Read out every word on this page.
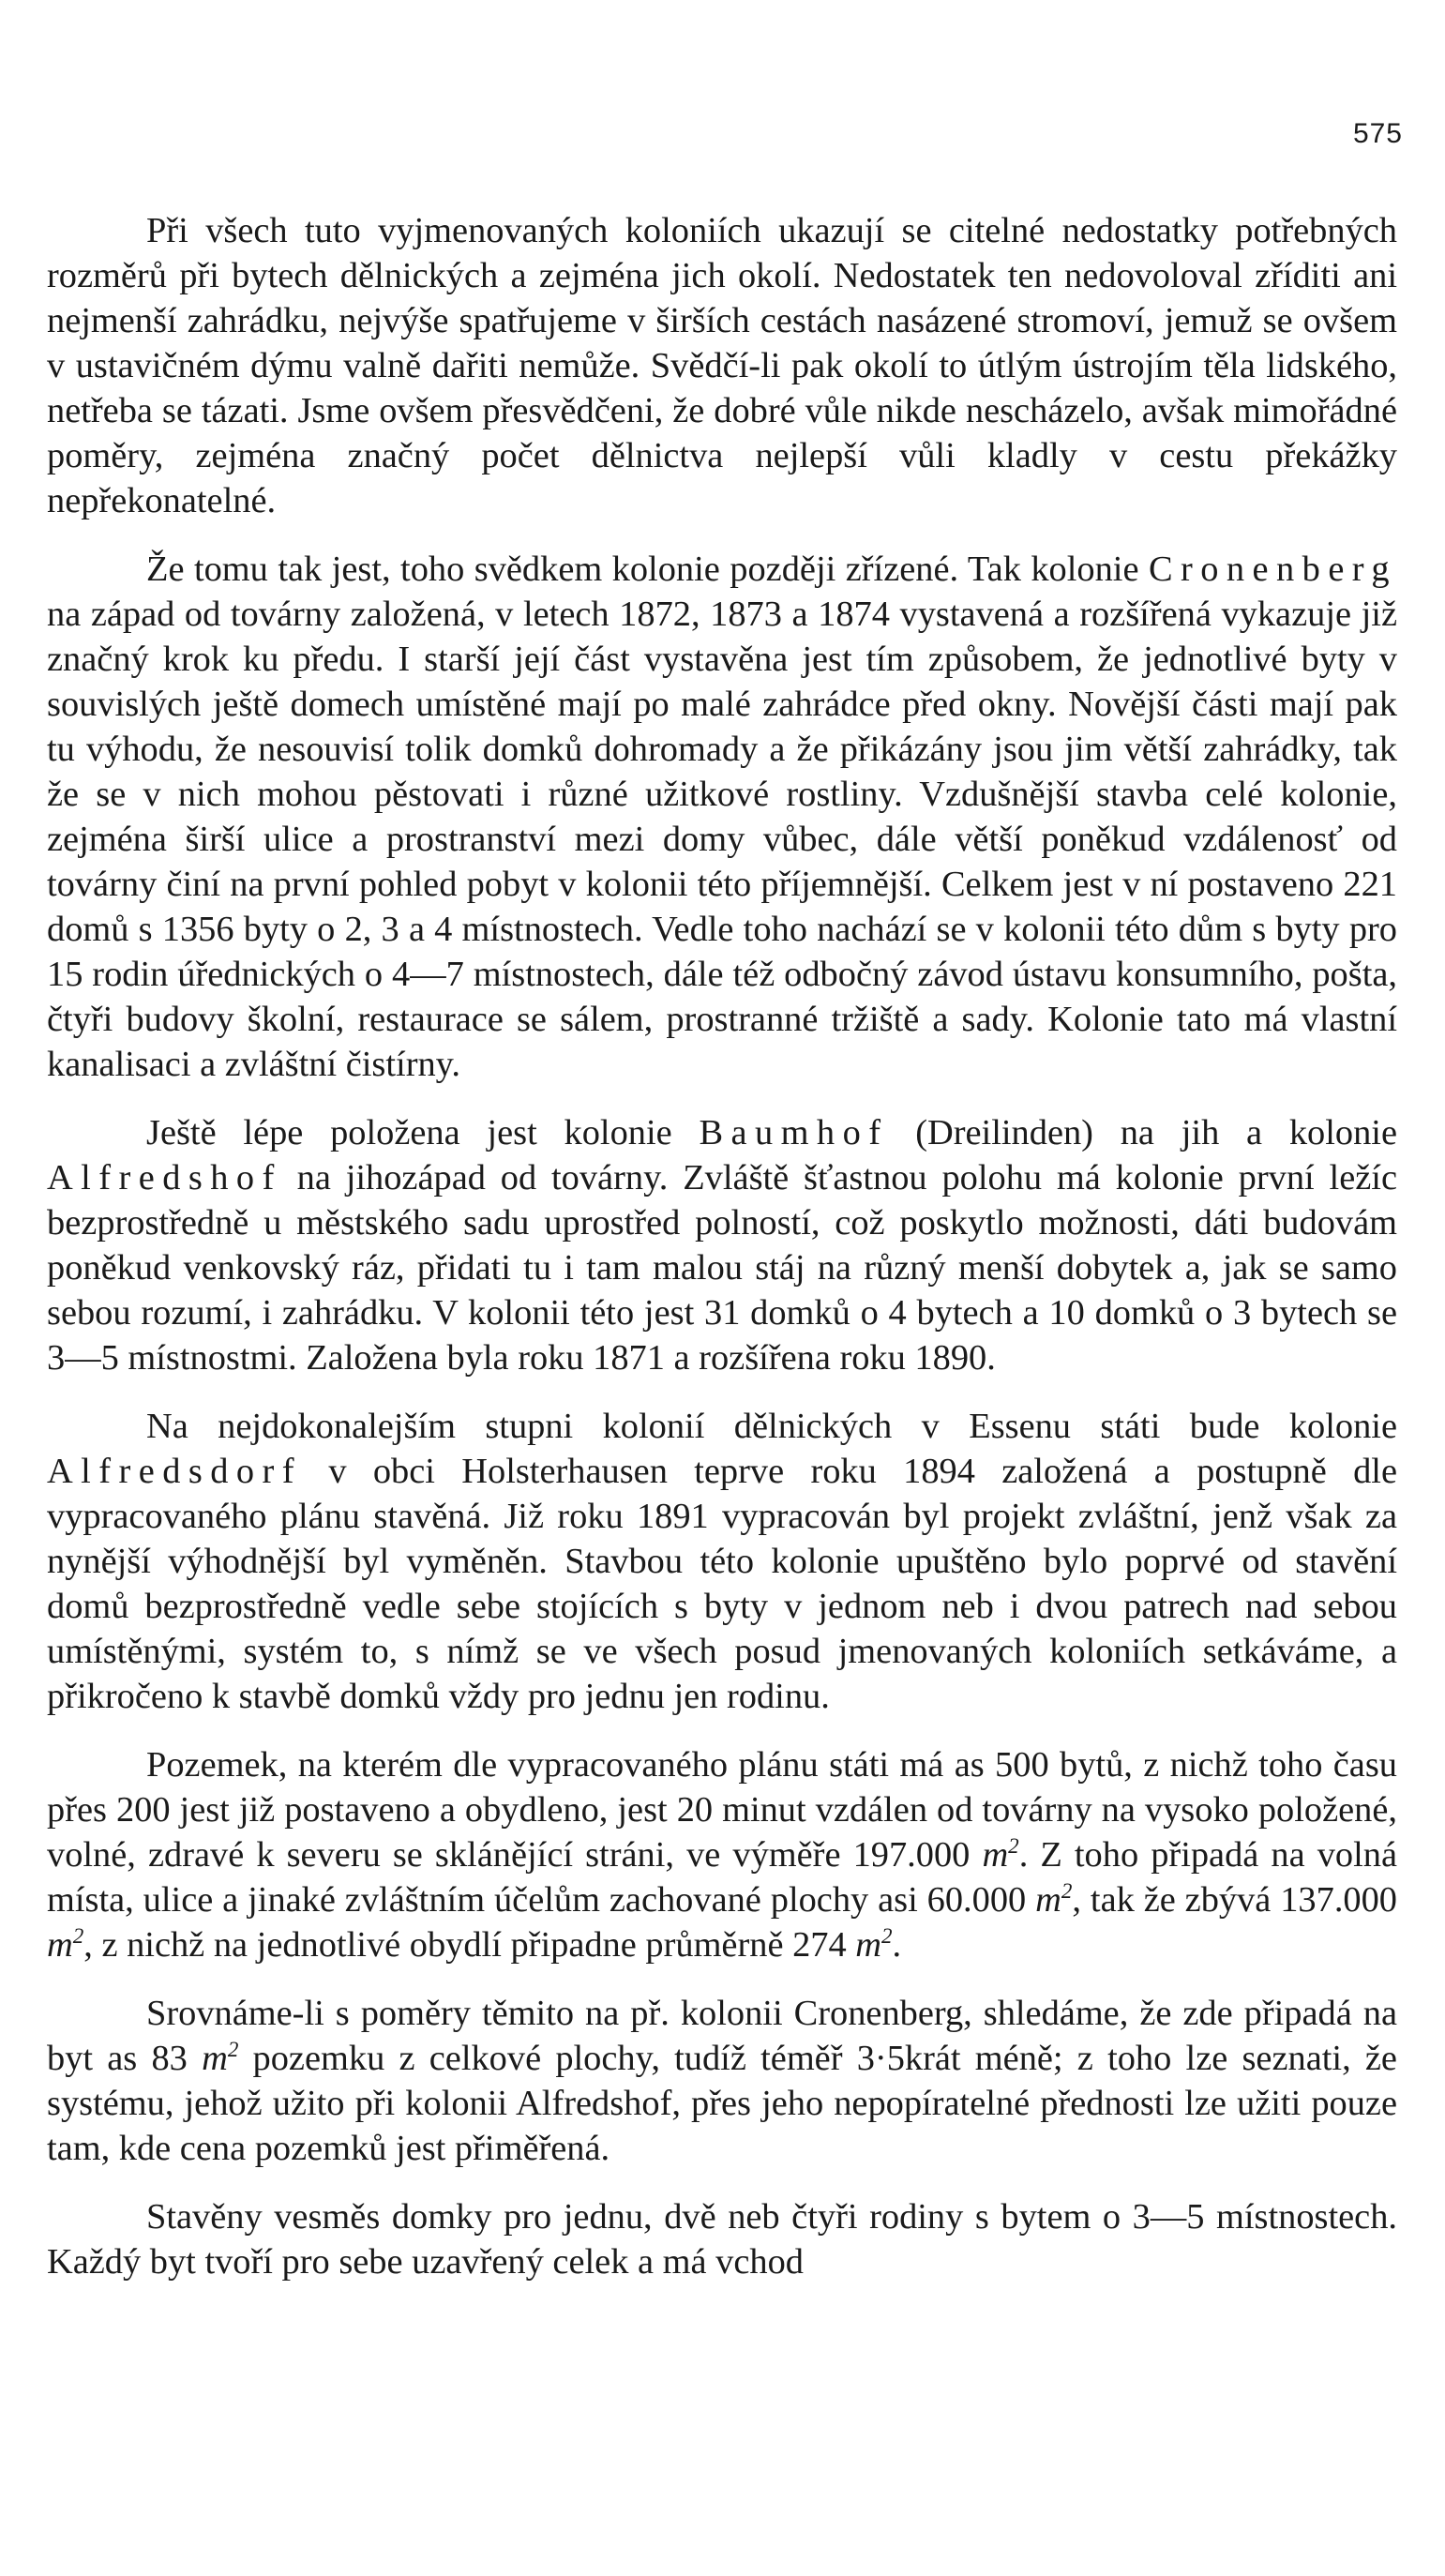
575

Při všech tuto vyjmenovaných koloniích ukazují se citelné nedostatky potřebných rozměrů při bytech dělnických a zejména jich okolí. Nedostatek ten nedovoloval zříditi ani nejmenší zahrádku, nejvýše spatřujeme v širších cestách nasázené stromoví, jemuž se ovšem v ustavičném dýmu valně dařiti nemůže. Svědčí-li pak okolí to útlým ústrojím těla lidského, netřeba se tázati. Jsme ovšem přesvědčeni, že dobré vůle nikde nescházelo, avšak mimořádné poměry, zejména značný počet dělnictva nejlepší vůli kladly v cestu překážky nepřekonatelné.

Že tomu tak jest, toho svědkem kolonie později zřízené. Tak kolonie Cronenberg na západ od továrny založená, v letech 1872, 1873 a 1874 vystavená a rozšířená vykazuje již značný krok ku předu. I starší její část vystavěna jest tím způsobem, že jednotlivé byty v souvislých ještě domech umístěné mají po malé zahrádce před okny. Novější části mají pak tu výhodu, že nesouvisí tolik domků dohromady a že přikázány jsou jim větší zahrádky, tak že se v nich mohou pěstovati i různé užitkové rostliny. Vzdušnější stavba celé kolonie, zejména širší ulice a prostranství mezi domy vůbec, dále větší poněkud vzdálenosť od továrny činí na první pohled pobyt v kolonii této příjemnější. Celkem jest v ní postaveno 221 domů s 1356 byty o 2, 3 a 4 místnostech. Vedle toho nachází se v kolonii této dům s byty pro 15 rodin úřednických o 4—7 místnostech, dále též odbočný závod ústavu konsumního, pošta, čtyři budovy školní, restaurace se sálem, prostranné tržiště a sady. Kolonie tato má vlastní kanalisaci a zvláštní čistírny.

Ještě lépe položena jest kolonie Baumhof (Dreilinden) na jih a kolonie Alfredshof na jihozápad od továrny. Zvláště šťastnou polohu má kolonie první ležíc bezprostředně u městského sadu uprostřed polností, což poskytlo možnosti, dáti budovám poněkud venkovský ráz, přidati tu i tam malou stáj na různý menší dobytek a, jak se samo sebou rozumí, i zahrádku. V kolonii této jest 31 domků o 4 bytech a 10 domků o 3 bytech se 3—5 místnostmi. Založena byla roku 1871 a rozšířena roku 1890.

Na nejdokonalejším stupni kolonií dělnických v Essenu státi bude kolonie Alfredsdorf v obci Holsterhausen teprve roku 1894 založená a postupně dle vypracovaného plánu stavěná. Již roku 1891 vypracován byl projekt zvláštní, jenž však za nynější výhodnější byl vyměněn. Stavbou této kolonie upuštěno bylo poprvé od stavění domů bezprostředně vedle sebe stojících s byty v jednom neb i dvou patrech nad sebou umístěnými, systém to, s nímž se ve všech posud jmenovaných koloniích setkáváme, a přikročeno k stavbě domků vždy pro jednu jen rodinu.

Pozemek, na kterém dle vypracovaného plánu státi má as 500 bytů, z nichž toho času přes 200 jest již postaveno a obydleno, jest 20 minut vzdálen od továrny na vysoko položené, volné, zdravé k severu se sklánějící stráni, ve výměře 197.000 $m^2$. Z toho připadá na volná místa, ulice a jinaké zvláštním účelům zachované plochy asi 60.000 $m^2$, tak že zbývá 137.000 $m^2$, z nichž na jednotlivé obydlí připadne průměrně 274 $m^2$.

Srovnáme-li s poměry těmito na př. kolonii Cronenberg, shledáme, že zde připadá na byt as 83 $m^2$ pozemku z celkové plochy, tudíž téměř 3·5krát méně; z toho lze seznati, že systému, jehož užito při kolonii Alfredshof, přes jeho nepopíratelné přednosti lze užiti pouze tam, kde cena pozemků jest přiměřená.

Stavěny vesměs domky pro jednu, dvě neb čtyři rodiny s bytem o 3—5 místnostech. Každý byt tvoří pro sebe uzavřený celek a má vchod
